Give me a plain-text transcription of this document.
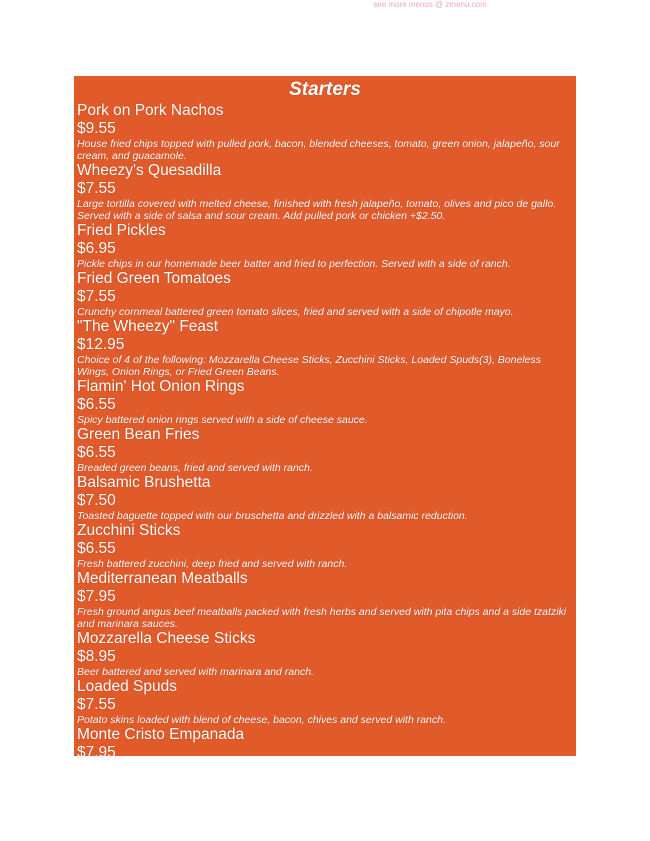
see more menus @ zmenu.com
Starters
Pork on Pork Nachos
$9.55
House fried chips topped with pulled pork, bacon, blended cheeses, tomato, green onion, jalapeño, sour cream, and guacamole.
Wheezy's Quesadilla
$7.55
Large tortilla covered with melted cheese, finished with fresh jalapeño, tomato, olives and pico de gallo. Served with a side of salsa and sour cream. Add pulled pork or chicken +$2.50.
Fried Pickles
$6.95
Pickle chips in our homemade beer batter and fried to perfection. Served with a side of ranch.
Fried Green Tomatoes
$7.55
Crunchy cornmeal battered green tomato slices, fried and served with a side of chipotle mayo.
"The Wheezy" Feast
$12.95
Choice of 4 of the following: Mozzarella Cheese Sticks, Zucchini Sticks, Loaded Spuds(3), Boneless Wings, Onion Rings, or Fried Green Beans.
Flamin' Hot Onion Rings
$6.55
Spicy battered onion rings served with a side of cheese sauce.
Green Bean Fries
$6.55
Breaded green beans, fried and served with ranch.
Balsamic Brushetta
$7.50
Toasted baguette topped with our bruschetta and drizzled with a balsamic reduction.
Zucchini Sticks
$6.55
Fresh battered zucchini, deep fried and served with ranch.
Mediterranean Meatballs
$7.95
Fresh ground angus beef meatballs packed with fresh herbs and served with pita chips and a side tzatziki and marinara sauces.
Mozzarella Cheese Sticks
$8.95
Beer battered and served with marinara and ranch.
Loaded Spuds
$7.55
Potato skins loaded with blend of cheese, bacon, chives and served with ranch.
Monte Cristo Empanada
$7.95
